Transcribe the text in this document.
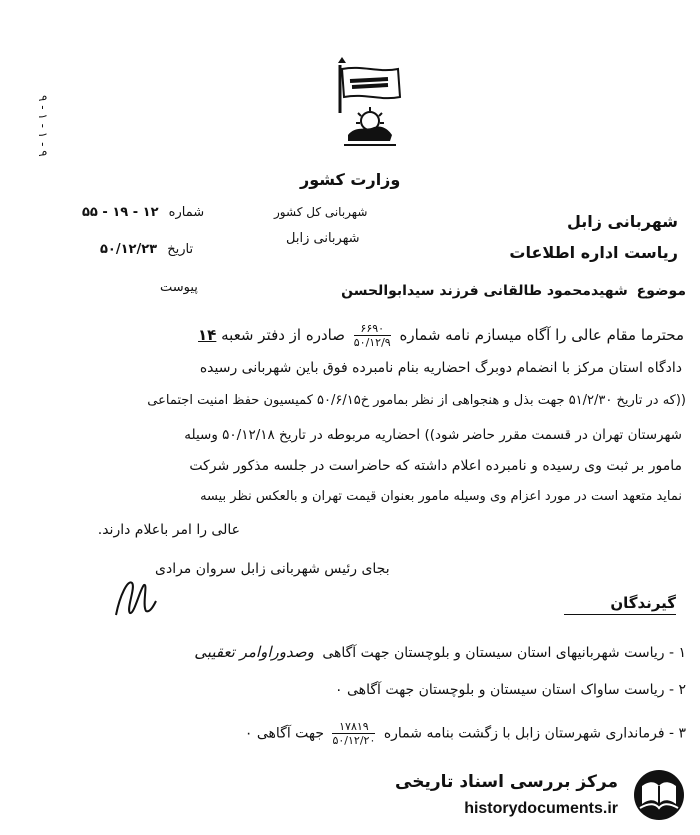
۹ - ۱ - ۱ - ۹
وزارت کشور
شهربانی کل کشور
شهربانی زابل
شماره ۱۲ - ۱۹ - ۵۵
تاریخ ۵۰/۱۲/۲۳
پیوست
شهربانی زابل
ریاست اداره اطلاعات
موضوع شهیدمحمود طالقانی فرزند سیدابوالحسن
محترما مقام عالی را آگاه میسازم نامه شماره
$\frac{۶۶۹۰}{۵۰/۱۲/۹}$
صادره از دفتر شعبه ۱۴
دادگاه استان مرکز با انضمام دوبرگ احضاریه بنام نامبرده فوق باین شهربانی رسیده
((که در تاریخ ۵۱/۲/۳۰ جهت بذل و هنجواهی از نظر بمامور خ۵۰/۶/۱۵ کمیسیون حفظ امنیت اجتماعی
شهرستان تهران در قسمت مقرر حاضر شود)) احضاریه مربوطه در تاریخ ۵۰/۱۲/۱۸ وسیله
مامور بر ثبت وی رسیده و نامبرده اعلام داشته که حاضراست در جلسه مذکور شرکت
نماید متعهد است در مورد اعزام وی وسیله مامور بعنوان قیمت تهران و بالعکس نظر بیسه
عالی را امر باعلام دارند.
بجای رئیس شهربانی زابل سروان مرادی
گیرندگان
۱ - ریاست شهربانیهای استان سیستان و بلوچستان جهت آگاهی وصدوراوامر تعقیبی
۲ - ریاست ساواک استان سیستان و بلوچستان جهت آگاهی ۰
۳ - فرمانداری شهرستان زابل با زگشت بنامه شماره
$\frac{۱۷۸۱۹}{۵۰/۱۲/۲۰}$
جهت آگاهی ۰
مرکز بررسی اسناد تاریخی
historydocuments.ir
